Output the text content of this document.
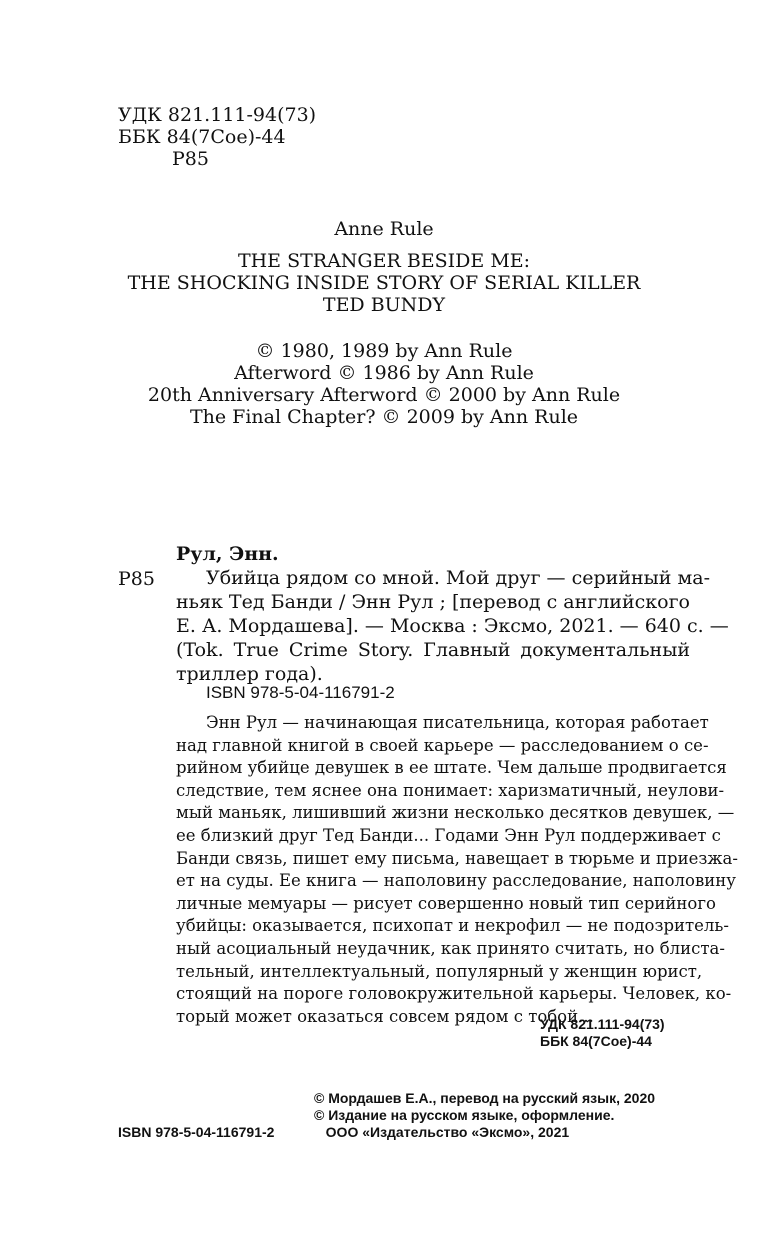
УДК 821.111-94(73)
ББК 84(7Сое)-44
Р85
Anne Rule
THE STRANGER BESIDE ME:
THE SHOCKING INSIDE STORY OF SERIAL KILLER
TED BUNDY
© 1980, 1989 by Ann Rule
Afterword © 1986 by Ann Rule
20th Anniversary Afterword © 2000 by Ann Rule
The Final Chapter? © 2009 by Ann Rule
Рул, Энн.
Р85	Убийца рядом со мной. Мой друг — серийный ма-
ньяк Тед Банди / Энн Рул ; [перевод с английского
Е. А. Мордашева]. — Москва : Эксмо, 2021. — 640 с. —
(Tok. True Crime Story. Главный документальный
триллер года).
ISBN 978-5-04-116791-2
Энн Рул — начинающая писательница, которая работает
над главной книгой в своей карьере — расследованием о се-
рийном убийце девушек в ее штате. Чем дальше продвигается
следствие, тем яснее она понимает: харизматичный, неулови-
мый маньяк, лишивший жизни несколько десятков девушек, —
ее близкий друг Тед Банди... Годами Энн Рул поддерживает с
Банди связь, пишет ему письма, навещает в тюрьме и приезжа-
ет на суды. Ее книга — наполовину расследование, наполовину
личные мемуары — рисует совершенно новый тип серийного
убийцы: оказывается, психопат и некрофил — не подозритель-
ный асоциальный неудачник, как принято считать, но блиста-
тельный, интеллектуальный, популярный у женщин юрист,
стоящий на пороге головокружительной карьеры. Человек, ко-
торый может оказаться совсем рядом с тобой...
УДК 821.111-94(73)
ББК 84(7Сое)-44
© Мордашев Е.А., перевод на русский язык, 2020
© Издание на русском языке, оформление.
ООО «Издательство «Эксмо», 2021
ISBN 978-5-04-116791-2
